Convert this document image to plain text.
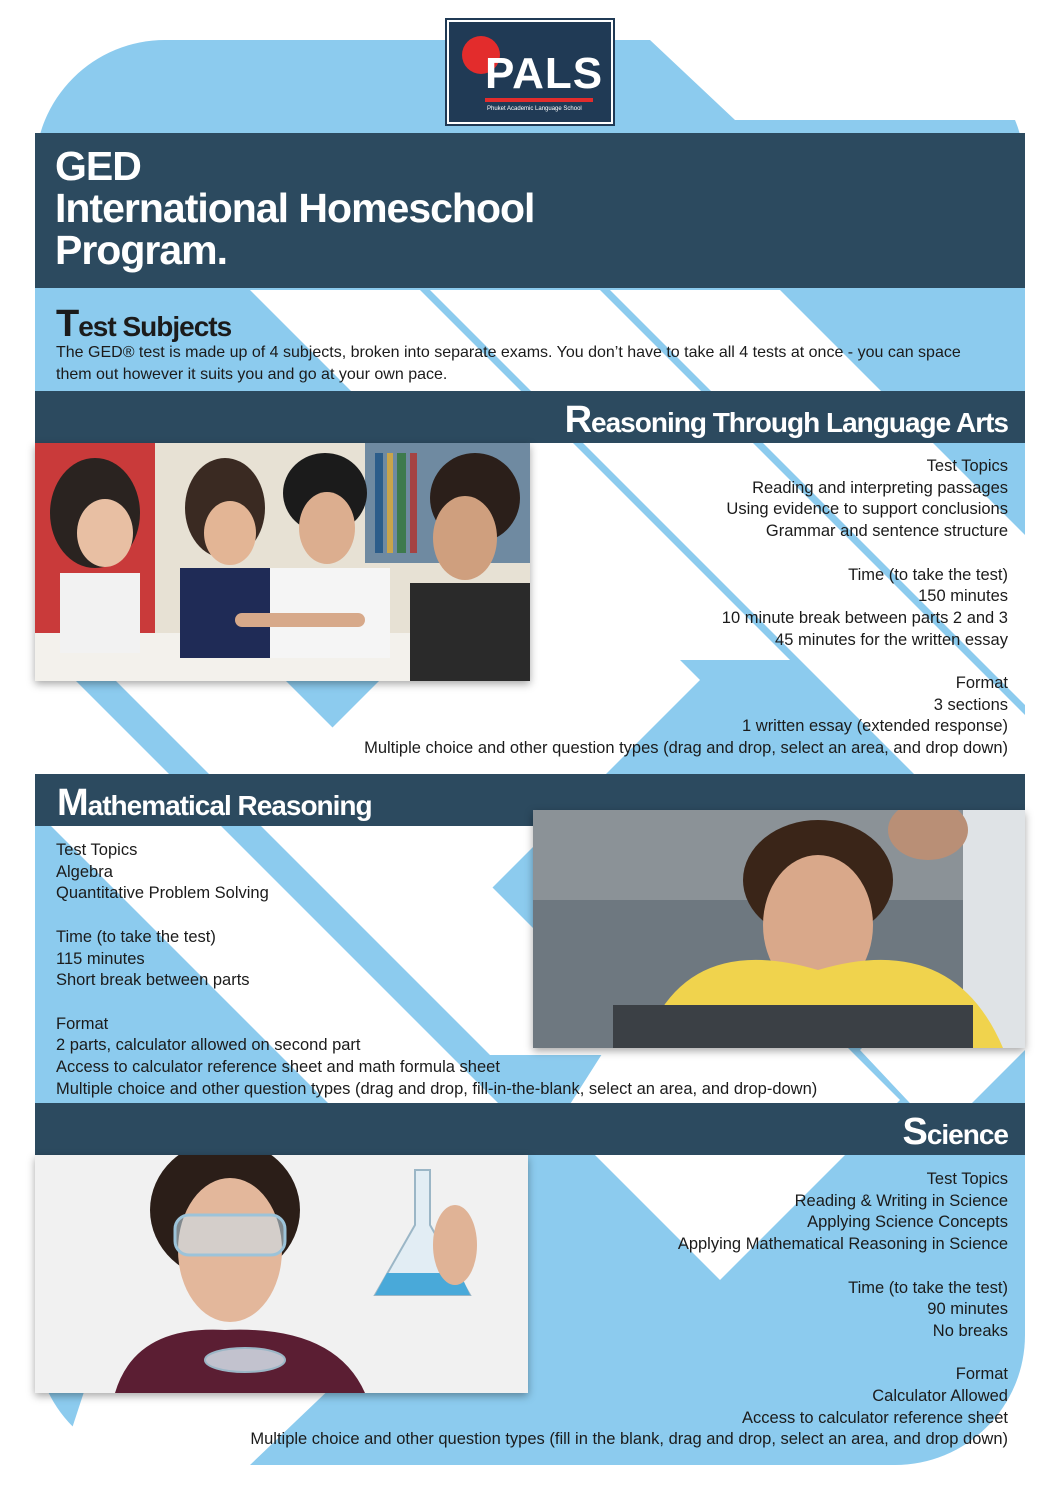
PALS
Phuket Academic Language School
GED
International Homeschool
Program.
Test Subjects
The GED® test is made up of 4 subjects, broken into separate exams. You don’t have to take all 4 tests at once - you can space them out however it suits you and go at your own pace.
Reasoning Through Language Arts
Test Topics
Reading and interpreting passages
Using evidence to support conclusions
Grammar and sentence structure
Time (to take the test)
150 minutes
10 minute break between parts 2 and 3
45 minutes for the written essay
Format
3 sections
1 written essay (extended response)
Multiple choice and other question types (drag and drop, select an area, and drop down)
Mathematical Reasoning
Test Topics
Algebra
Quantitative Problem Solving
Time (to take the test)
115 minutes
Short break between parts
Format
2 parts, calculator allowed on second part
Access to calculator reference sheet and math formula sheet
Multiple choice and other question types (drag and drop, fill-in-the-blank, select an area, and drop-down)
Science
Test Topics
Reading & Writing in Science
Applying Science Concepts
Applying Mathematical Reasoning in Science
Time (to take the test)
90 minutes
No breaks
Format
Calculator Allowed
Access to calculator reference sheet
Multiple choice and other question types (fill in the blank, drag and drop, select an area, and drop down)
